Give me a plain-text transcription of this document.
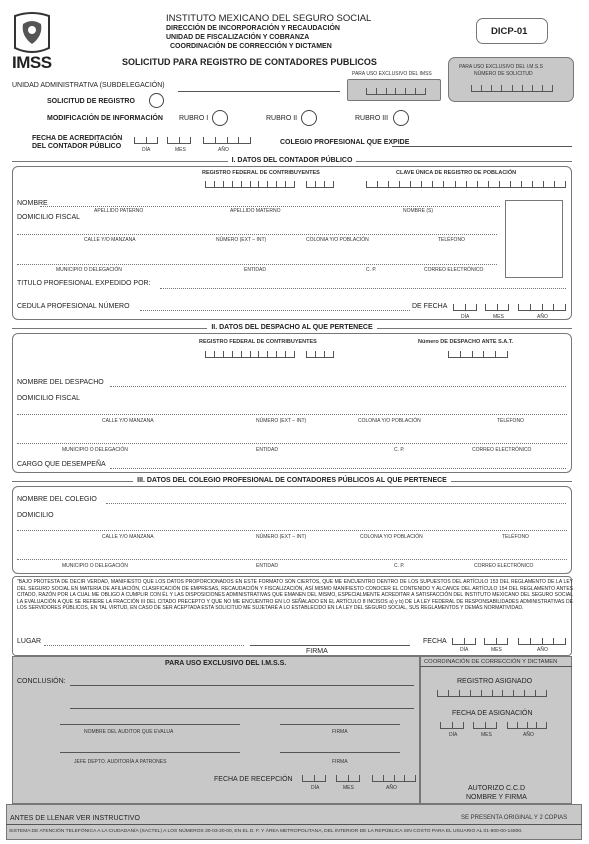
IMSS
INSTITUTO MEXICANO DEL SEGURO SOCIAL
DIRECCIÓN DE INCORPORACIÓN Y RECAUDACIÓN
UNIDAD DE FISCALIZACIÓN Y COBRANZA
COORDINACIÓN DE CORRECCIÓN Y DICTAMEN
SOLICITUD PARA REGISTRO DE CONTADORES PUBLICOS
DICP-01
PARA USO EXCLUSIVO DEL IMSS
PARA USO EXCLUSIVO DEL I.M.S.S
NÚMERO DE SOLICITUD
UNIDAD ADMINISTRATIVA (SUBDELEGACIÓN)
SOLICITUD DE REGISTRO
MODIFICACIÓN DE INFORMACIÓN RUBRO I	RUBRO II	RUBRO III
FECHA DE ACREDITACIÓN
DEL CONTADOR PÚBLICO	DÍA	MES	AÑO
COLEGIO PROFESIONAL QUE EXPIDE
I. DATOS DEL CONTADOR PÚBLICO
REGISTRO FEDERAL DE CONTRIBUYENTES	CLAVE ÚNICA DE REGISTRO DE POBLACIÓN
NOMBRE
APELLIDO PATERNO	APELLIDO MATERNO	NOMBRE (S)
DOMICILIO FISCAL
CALLE Y/O MANZANA	NÚMERO (EXT – INT)	COLONIA Y/O POBLACIÓN	TELÉFONO
MUNICIPIO O DELEGACIÓN	ENTIDAD	C. P.	CORREO ELECTRÓNICO
TITULO PROFESIONAL EXPEDIDO POR:
CEDULA PROFESIONAL NÚMERO	DE FECHA
DÍA	MES	AÑO
II. DATOS DEL DESPACHO AL QUE PERTENECE
REGISTRO FEDERAL DE CONTRIBUYENTES	Número DE DESPACHO ANTE S.A.T.
NOMBRE DEL DESPACHO
DOMICILIO FISCAL
CALLE Y/O MANZANA	NÚMERO (EXT – INT)	COLONIA Y/O POBLACIÓN	TELÉFONO
MUNICIPIO O DELEGACIÓN	ENTIDAD	C. P.	CORREO ELECTRÓNICO
CARGO QUE DESEMPEÑA
III. DATOS DEL COLEGIO PROFESIONAL DE CONTADORES PÚBLICOS AL QUE PERTENECE
NOMBRE DEL COLEGIO
DOMICILIO
CALLE Y/O MANZANA	NÚMERO (EXT – INT)	COLONIA Y/O POBLACIÓN	TELÉFONO
MUNICIPIO O DELEGACIÓN	ENTIDAD	C. P.	CORREO ELECTRÓNICO
"BAJO PROTESTA DE DECIR VERDAD, MANIFIESTO QUE LOS DATOS PROPORCIONADOS EN ESTE FORMATO SON CIERTOS, QUE ME ENCUENTRO DENTRO DE LOS SUPUESTOS DEL ARTÍCULO 153 DEL REGLAMENTO DE LA LEY DEL SEGURO SOCIAL EN MATERIA DE AFILIACIÓN, CLASIFICACIÓN DE EMPRESAS, RECAUDACIÓN Y FISCALIZACIÓN, ASÍ MISMO MANIFIESTO CONOCER EL CONTENIDO Y ALCANCE DEL ARTÍCULO 154 DEL REGLAMENTO ANTES CITADO, RAZÓN POR LA CUAL ME OBLIGO A CUMPLIR CON ÉL Y LAS DISPOSICIONES ADMINISTRATIVAS QUE EMANEN DEL MISMO, ESPECIALMENTE ACREDITAR A SATISFACCIÓN DEL INSTITUTO MEXICANO DEL SEGURO SOCIAL LA EVALUACIÓN A QUE SE REFIERE LA FRACCIÓN III DEL CITADO PRECEPTO Y QUE NO ME ENCUENTRO EN LO SEÑALADO EN EL ARTÍCULO 8 INCISOS a) y b) DE LA LEY FEDERAL DE RESPONSABILIDADES ADMINISTRATIVAS DE LOS SERVIDORES PÚBLICOS, EN TAL VIRTUD, EN CASO DE SER ACEPTADA ESTA SOLICITUD ME SUJETARÉ A LO ESTABLECIDO EN LA LEY DEL SEGURO SOCIAL, SUS REGLAMENTOS Y DEMÁS NORMATIVIDAD.
LUGAR
FIRMA
FECHA
DÍA	MES	AÑO
PARA USO EXCLUSIVO DEL I.M.S.S.
CONCLUSIÓN:
NOMBRE DEL AUDITOR QUE EVALUA	FIRMA
JEFE DEPTO. AUDITORÍA A PATRONES	FIRMA
FECHA DE RECEPCIÓN
DÍA	MES	AÑO
COORDINACIÓN DE CORRECCIÓN Y DICTAMEN
REGISTRO ASIGNADO
FECHA DE ASIGNACIÓN
DÍA	MES	AÑO
AUTORIZO C.C.D
NOMBRE Y FIRMA
ANTES DE LLENAR VER INSTRUCTIVO	SE PRESENTA ORIGINAL Y 2 COPIAS
SISTEMA DE ATENCIÓN TELEFÓNICA A LA CIUDADANÍA (SACTEL) A LOS NÚMEROS 30-03-20-00, EN EL D. F. Y ÁREA METROPOLITANA, DEL INTERIOR DE LA REPÚBLICA SIN COSTO PARA EL USUARIO AL 01-800-00-14800.
